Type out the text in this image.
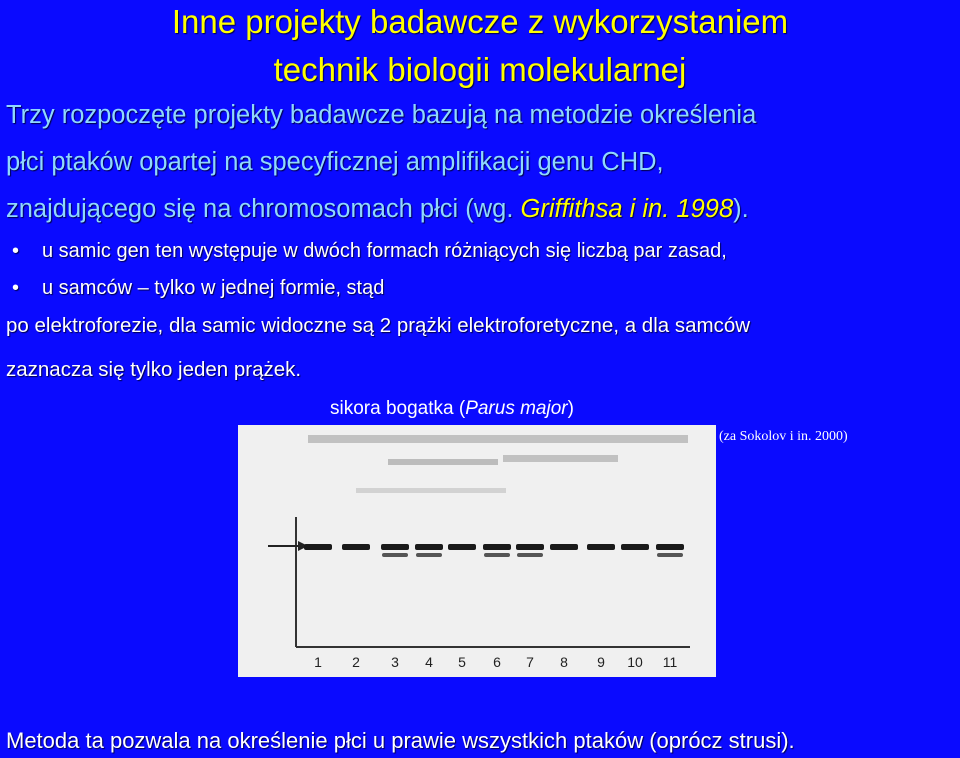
Inne projekty badawcze z wykorzystaniem
technik biologii molekularnej
Trzy rozpoczęte projekty badawcze bazują na metodzie określenia
płci ptaków opartej na specyficznej amplifikacji genu CHD,
znajdującego się na chromosomach płci (wg. Griffithsa i in. 1998).
• u samic gen ten występuje w dwóch formach różniących się liczbą par zasad,
• u samców – tylko w jednej formie, stąd
po elektroforezie, dla samic widoczne są 2 prążki elektroforetyczne, a dla samców
zaznacza się tylko jeden prążek.
sikora bogatka (Parus major)
1 2 3 4 5 6 7 8 9 10 11
(za Sokolov i in. 2000)
Metoda ta pozwala na określenie płci u prawie wszystkich ptaków (oprócz strusi).
